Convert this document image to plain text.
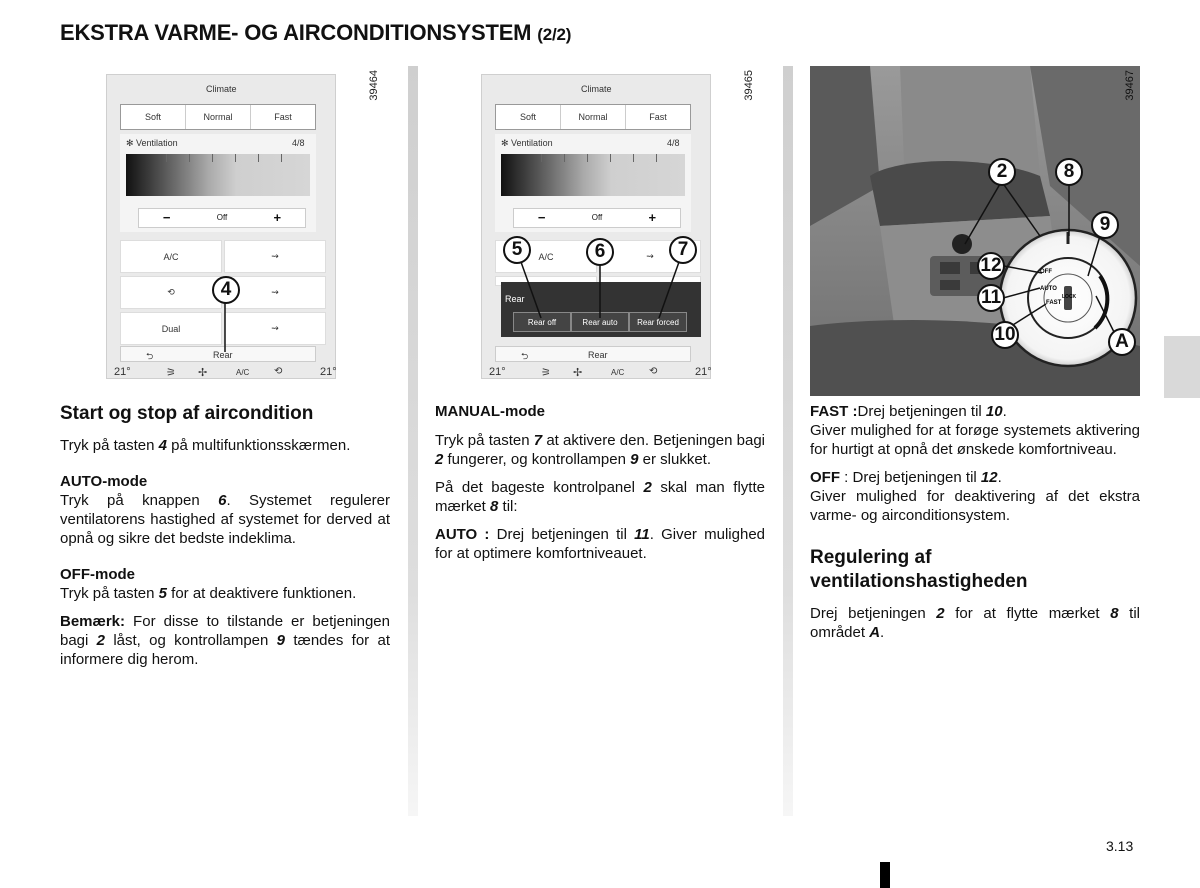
EKSTRA VARME- OG AIRCONDITIONSYSTEM (2/2)
39464
Climate
Soft	Normal	Fast
✻ Ventilation	4/8
−	Off	+
A/C	⇝
⟲	⇝
Dual	⇝
⮌	Rear
21°	⚞ ✢	A/C ⟲	21°
4
39465
Climate
Soft	Normal	Fast
✻ Ventilation	4/8
−	Off	+
A/C	⇝
Rear
Rear off	Rear auto	Rear forced
⮌	Rear
21°	⚞ ✢	A/C ⟲	21°
5	6	7
OFF
AUTO
FAST
LOCK
39467
2	8
9
12
11
10	A
Start og stop af aircondition

Tryk på tasten 4 på multifunktionsskærmen.

AUTO-mode

Tryk på knappen 6. Systemet regulerer ventilatorens hastighed af systemet for derved at opnå og sikre det bedste indeklima.

OFF-mode

Tryk på tasten 5 for at deaktivere funktionen.

Bemærk: For disse to tilstande er betjeningen bagi 2 låst, og kontrollampen 9 tændes for at informere dig herom.

MANUAL-mode

Tryk på tasten 7 at aktivere den. Betjeningen bagi 2 fungerer, og kontrollampen 9 er slukket.

På det bageste kontrolpanel 2 skal man flytte mærket 8 til:

AUTO : Drej betjeningen til 11. Giver mulighed for at optimere komfortniveauet.

FAST :Drej betjeningen til 10.
Giver mulighed for at forøge systemets aktivering for hurtigt at opnå det ønskede komfortniveau.

OFF : Drej betjeningen til 12.
Giver mulighed for deaktivering af det ekstra varme- og airconditionsystem.

Regulering af ventilationshastigheden

Drej betjeningen 2 for at flytte mærket 8 til området A.

3.13
